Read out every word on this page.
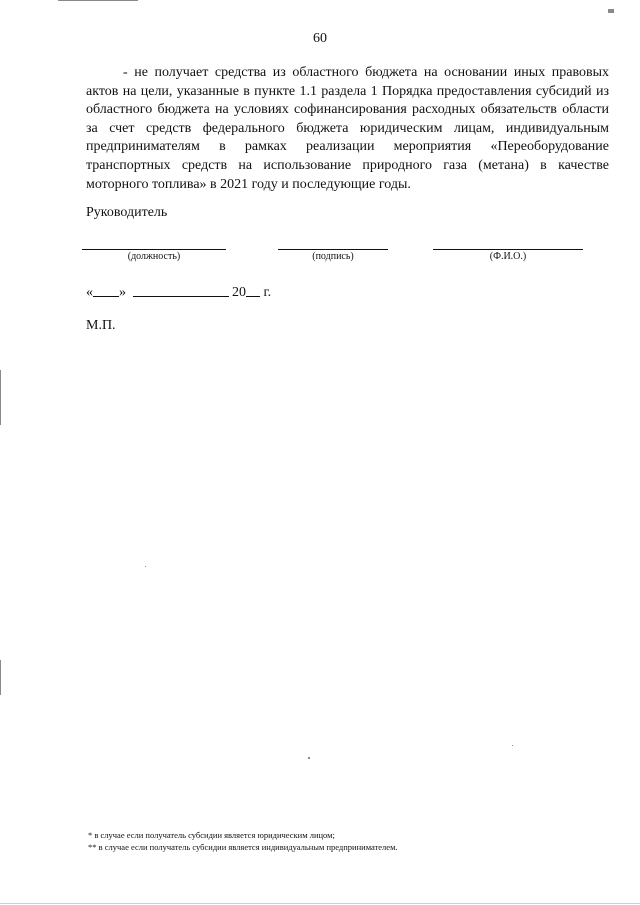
60

- не получает средства из областного бюджета на основании иных правовых актов на цели, указанные в пункте 1.1 раздела 1 Порядка предоставления субсидий из областного бюджета на условиях софинансирования расходных обязательств области за счет средств федерального бюджета юридическим лицам, индивидуальным предпринимателям в рамках реализации мероприятия «Переоборудование транспортных средств на использование природного газа (метана) в качестве моторного топлива» в 2021 году и последующие годы.

Руководитель
(должность)	(подпись)	(Ф.И.О.)
« »	20 г.
М.П.
* в случае если получатель субсидии является юридическим лицом;
** в случае если получатель субсидии является индивидуальным предпринимателем.
